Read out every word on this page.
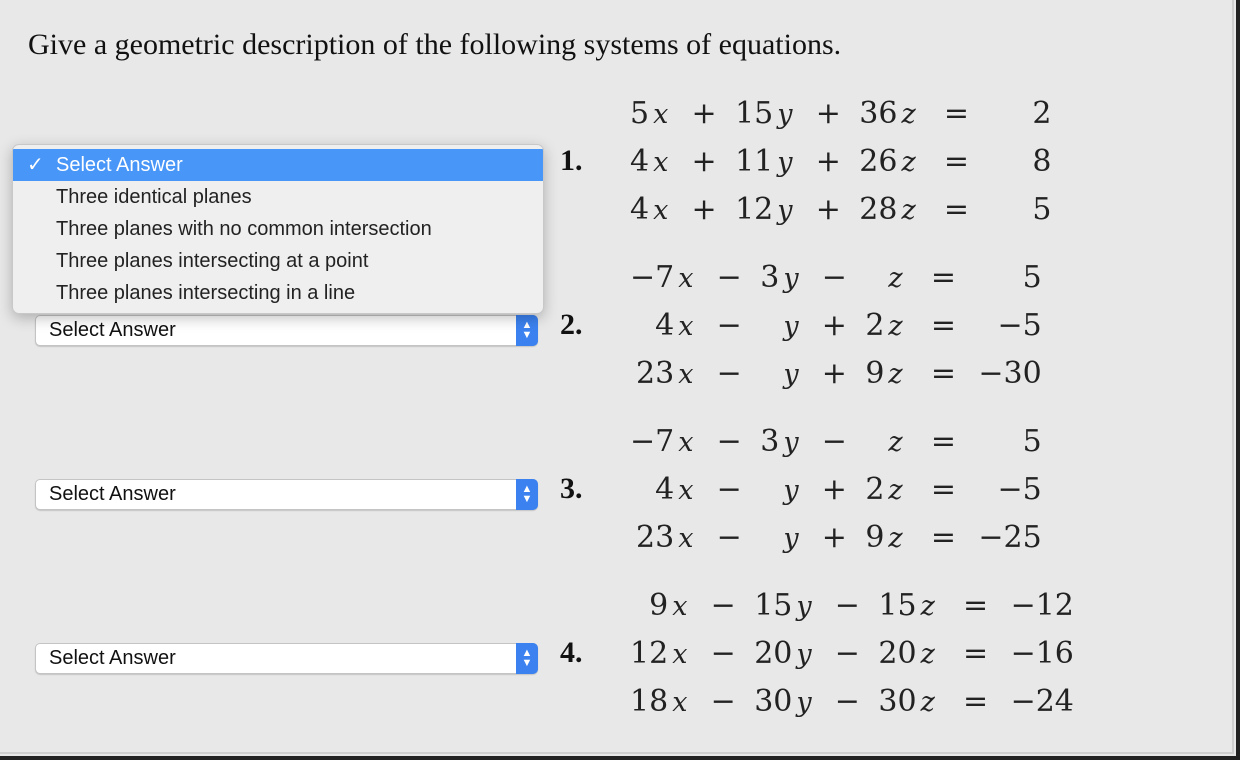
Give a geometric description of the following systems of equations.
1.
5 x	+	15 y	+	36 z	=	2
4 x	+	11 y	+	26 z	=	8
4 x	+	12 y	+	28 z	=	5
Select Answer	▲
▼ 2.
−7 x	−	3 y	−	z	=	5
4 x	−	y	+	2 z	=	−5
23 x	−	y	+	9 z	=	−30
Select Answer	▲
▼ 3.
−7 x	−	3 y	−	z	=	5
4 x	−	y	+	2 z	=	−5
23 x	−	y	+	9 z	=	−25
Select Answer	▲
▼ 4.
9 x	−	15 y	−	15 z	=	−12
12 x	−	20 y	−	20 z	=	−16
18 x	−	30 y	−	30 z	=	−24
✓ Select Answer
Three identical planes
Three planes with no common intersection
Three planes intersecting at a point
Three planes intersecting in a line
